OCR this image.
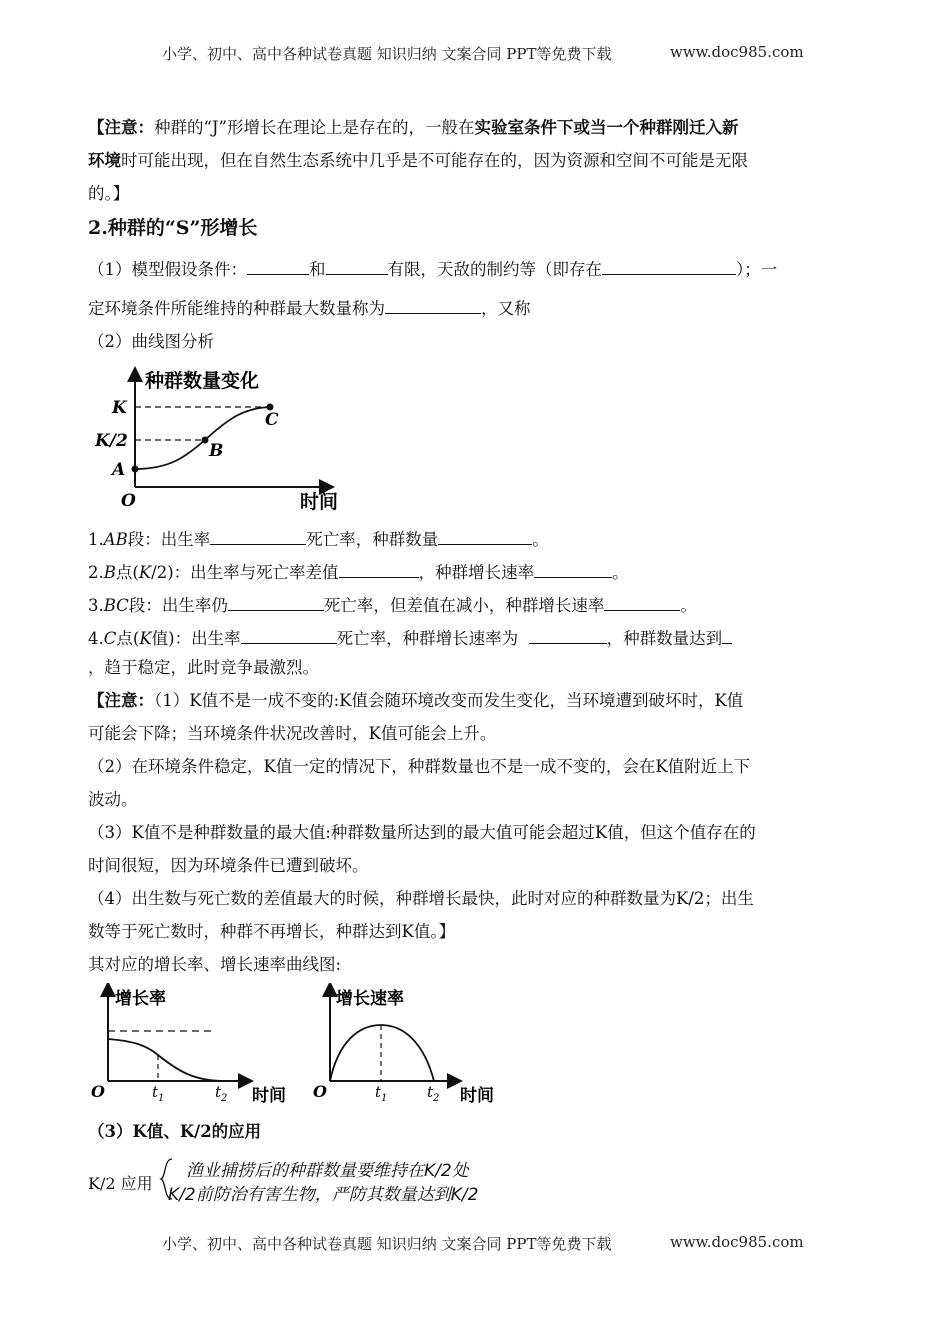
小学、初中、高中各种试卷真题 知识归纳 文案合同 PPT等免费下载	www.doc985.com
【注意：种群的“J”形增长在理论上是存在的，一般在实验室条件下或当一个种群刚迁入新
环境时可能出现，但在自然生态系统中几乎是不可能存在的，因为资源和空间不可能是无限
的。】
2.种群的“S”形增长
（1）模型假设条件：	和	有限，天敌的制约等（即存在	）；一
定环境条件所能维持的种群最大数量称为	，又称
（2）曲线图分析
种群数量变化
时间
O
K
K/2
A
B
C
1.AB段：出生率	死亡率，种群数量	。
2.B点(K/2)：出生率与死亡率差值	，种群增长速率	。
3.BC段：出生率仍	死亡率，但差值在减小，种群增长速率	。
4.C点(K值)：出生率	死亡率，种群增长速率为	，种群数量达到
，趋于稳定，此时竞争最激烈。
【注意：（1）K值不是一成不变的:K值会随环境改变而发生变化，当环境遭到破坏时，K值
可能会下降；当环境条件状况改善时，K值可能会上升。
（2）在环境条件稳定，K值一定的情况下，种群数量也不是一成不变的，会在K值附近上下
波动。
（3）K值不是种群数量的最大值:种群数量所达到的最大值可能会超过K值，但这个值存在的
时间很短，因为环境条件已遭到破坏。
（4）出生数与死亡数的差值最大的时候，种群增长最快，此时对应的种群数量为K/2；出生
数等于死亡数时，种群不再增长，种群达到K值。】
其对应的增长率、增长速率曲线图:
增长率
时间
O	$t_1$	$t_2$
增长速率
时间
O	$t_1$	$t_2$
（3）K值、K/2的应用
K/2 应用
渔业捕捞后的种群数量要维持在K/2处
K/2前防治有害生物，严防其数量达到K/2
小学、初中、高中各种试卷真题 知识归纳 文案合同 PPT等免费下载	www.doc985.com
